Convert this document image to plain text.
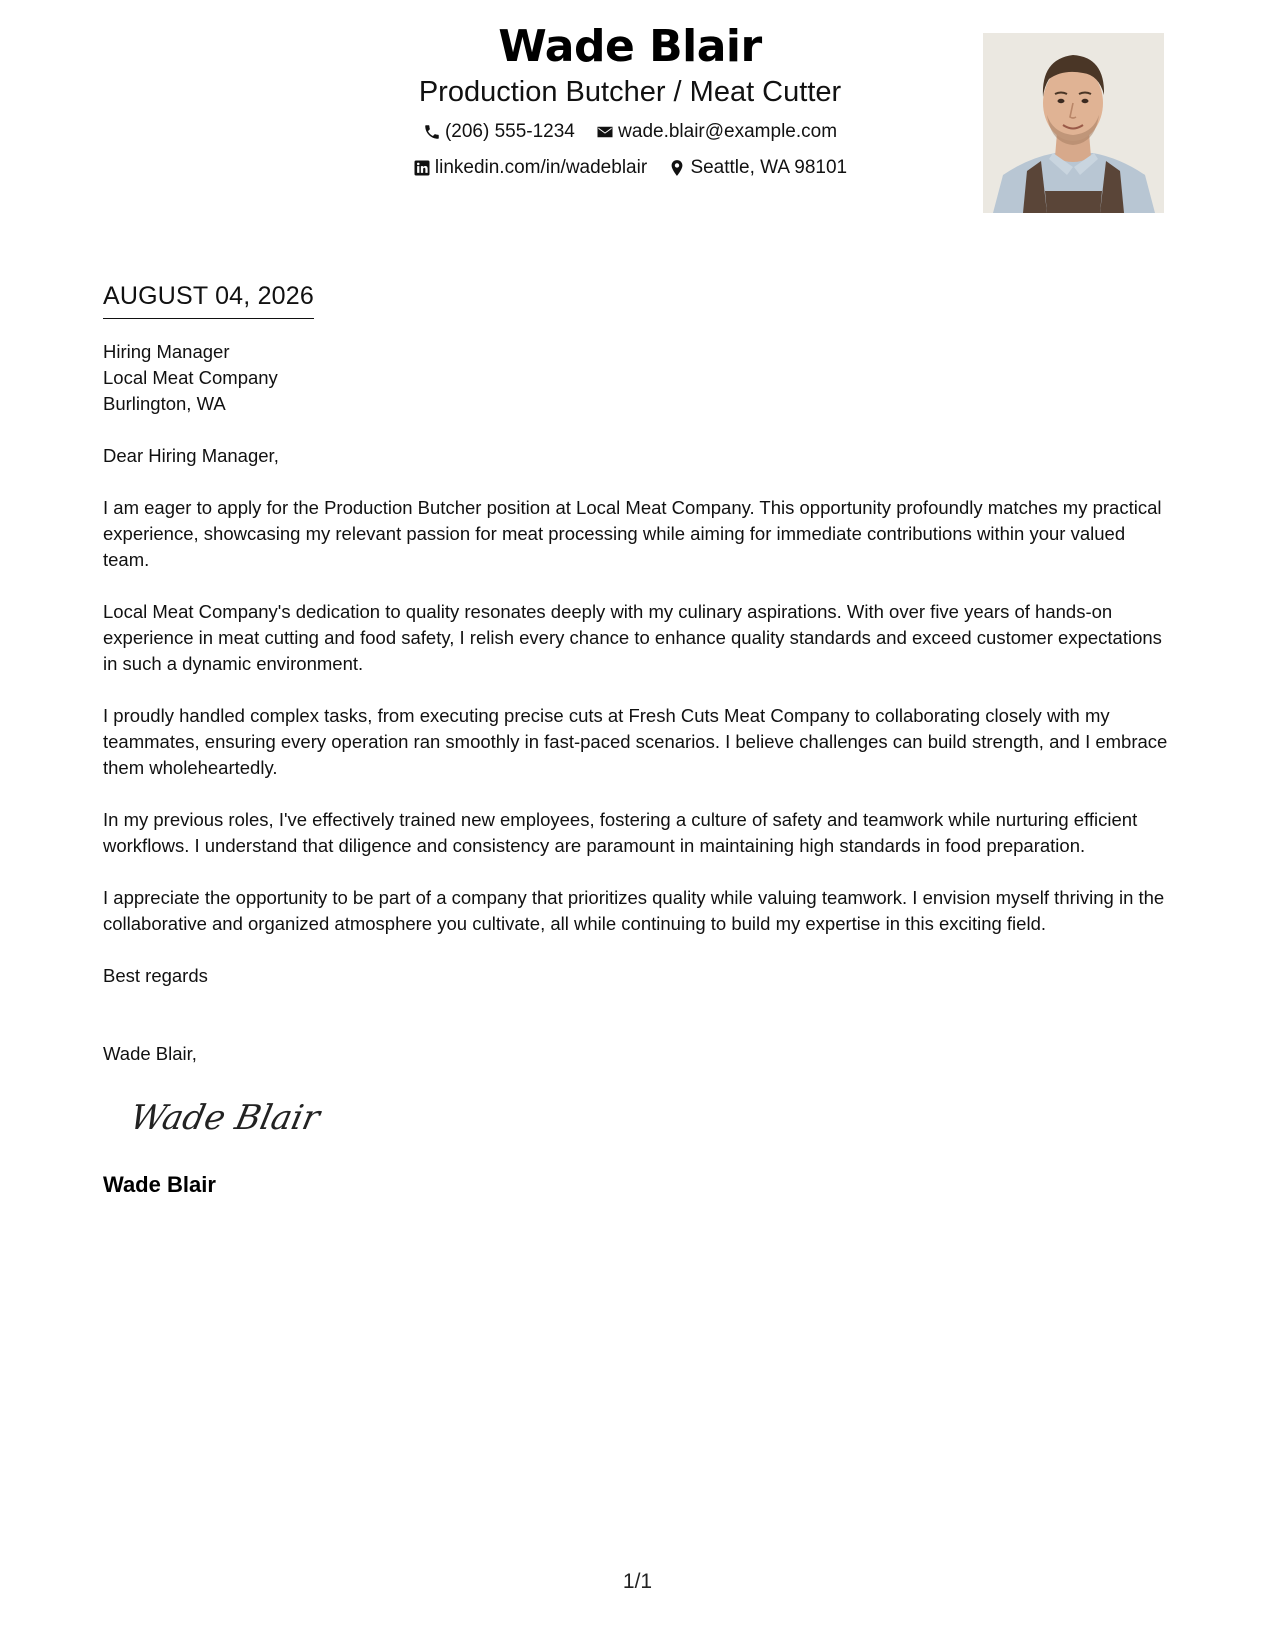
Wade Blair
Production Butcher / Meat Cutter
(206) 555-1234
wade.blair@example.com
linkedin.com/in/wadeblair
Seattle, WA 98101
AUGUST 04, 2026
Hiring Manager
Local Meat Company
Burlington, WA

Dear Hiring Manager,

I am eager to apply for the Production Butcher position at Local Meat Company. This opportunity profoundly matches my practical experience, showcasing my relevant passion for meat processing while aiming for immediate contributions within your valued team.

Local Meat Company's dedication to quality resonates deeply with my culinary aspirations. With over five years of hands-on experience in meat cutting and food safety, I relish every chance to enhance quality standards and exceed customer expectations in such a dynamic environment.

I proudly handled complex tasks, from executing precise cuts at Fresh Cuts Meat Company to collaborating closely with my teammates, ensuring every operation ran smoothly in fast-paced scenarios. I believe challenges can build strength, and I embrace them wholeheartedly.

In my previous roles, I've effectively trained new employees, fostering a culture of safety and teamwork while nurturing efficient workflows. I understand that diligence and consistency are paramount in maintaining high standards in food preparation.

I appreciate the opportunity to be part of a company that prioritizes quality while valuing teamwork. I envision myself thriving in the collaborative and organized atmosphere you cultivate, all while continuing to build my expertise in this exciting field.

Best regards

Wade Blair,

Wade Blair
Wade Blair
1/1
